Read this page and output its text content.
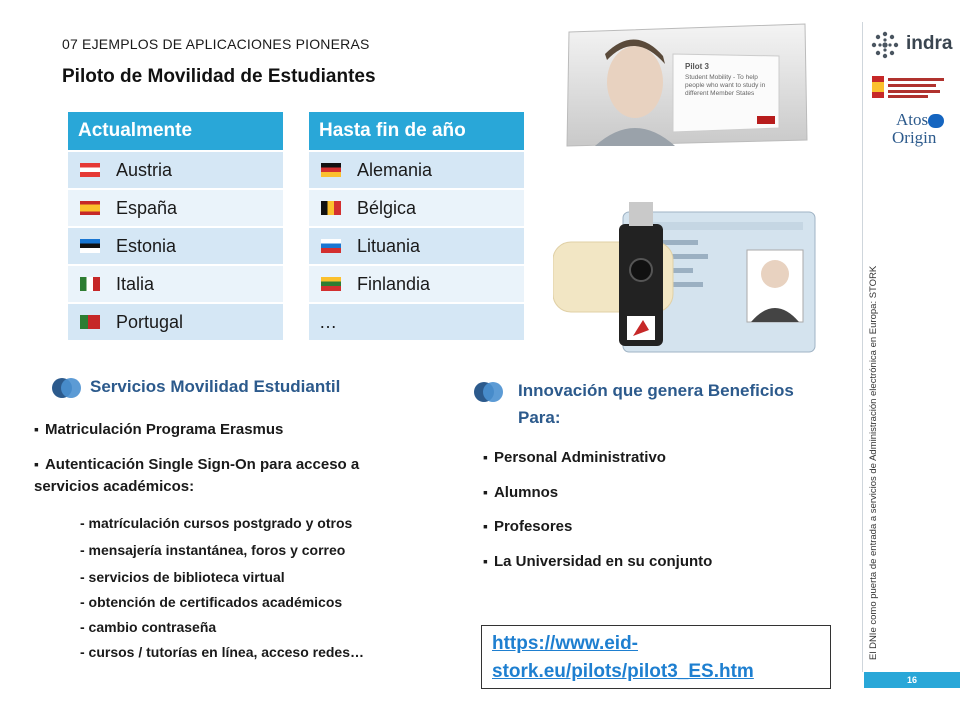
07 EJEMPLOS DE APLICACIONES PIONERAS
Piloto de Movilidad de Estudiantes
Actualmente
Austria
España
Estonia
Italia
Portugal
Hasta fin de año
Alemania
Bélgica
Lituania
Finlandia
…
Pilot 3
Student Mobility - To help people who want to study in different Member States
Servicios Movilidad Estudiantil
▪ Matriculación Programa Erasmus
▪ Autenticación Single Sign-On para acceso a servicios académicos:
- matrículación cursos postgrado y otros
- mensajería instantánea, foros y correo
- servicios de biblioteca virtual
- obtención de certificados académicos
- cambio contraseña
- cursos / tutorías en línea, acceso redes…
Innovación que genera Beneficios
Para:
▪ Personal Administrativo
▪ Alumnos
▪ Profesores
▪ La Universidad en su conjunto
https://www.eid-
stork.eu/pilots/pilot3_ES.htm
indra
Atos
Origin
El DNIe como puerta de entrada a servicios de Administración electrónica en Europa: STORK
16
